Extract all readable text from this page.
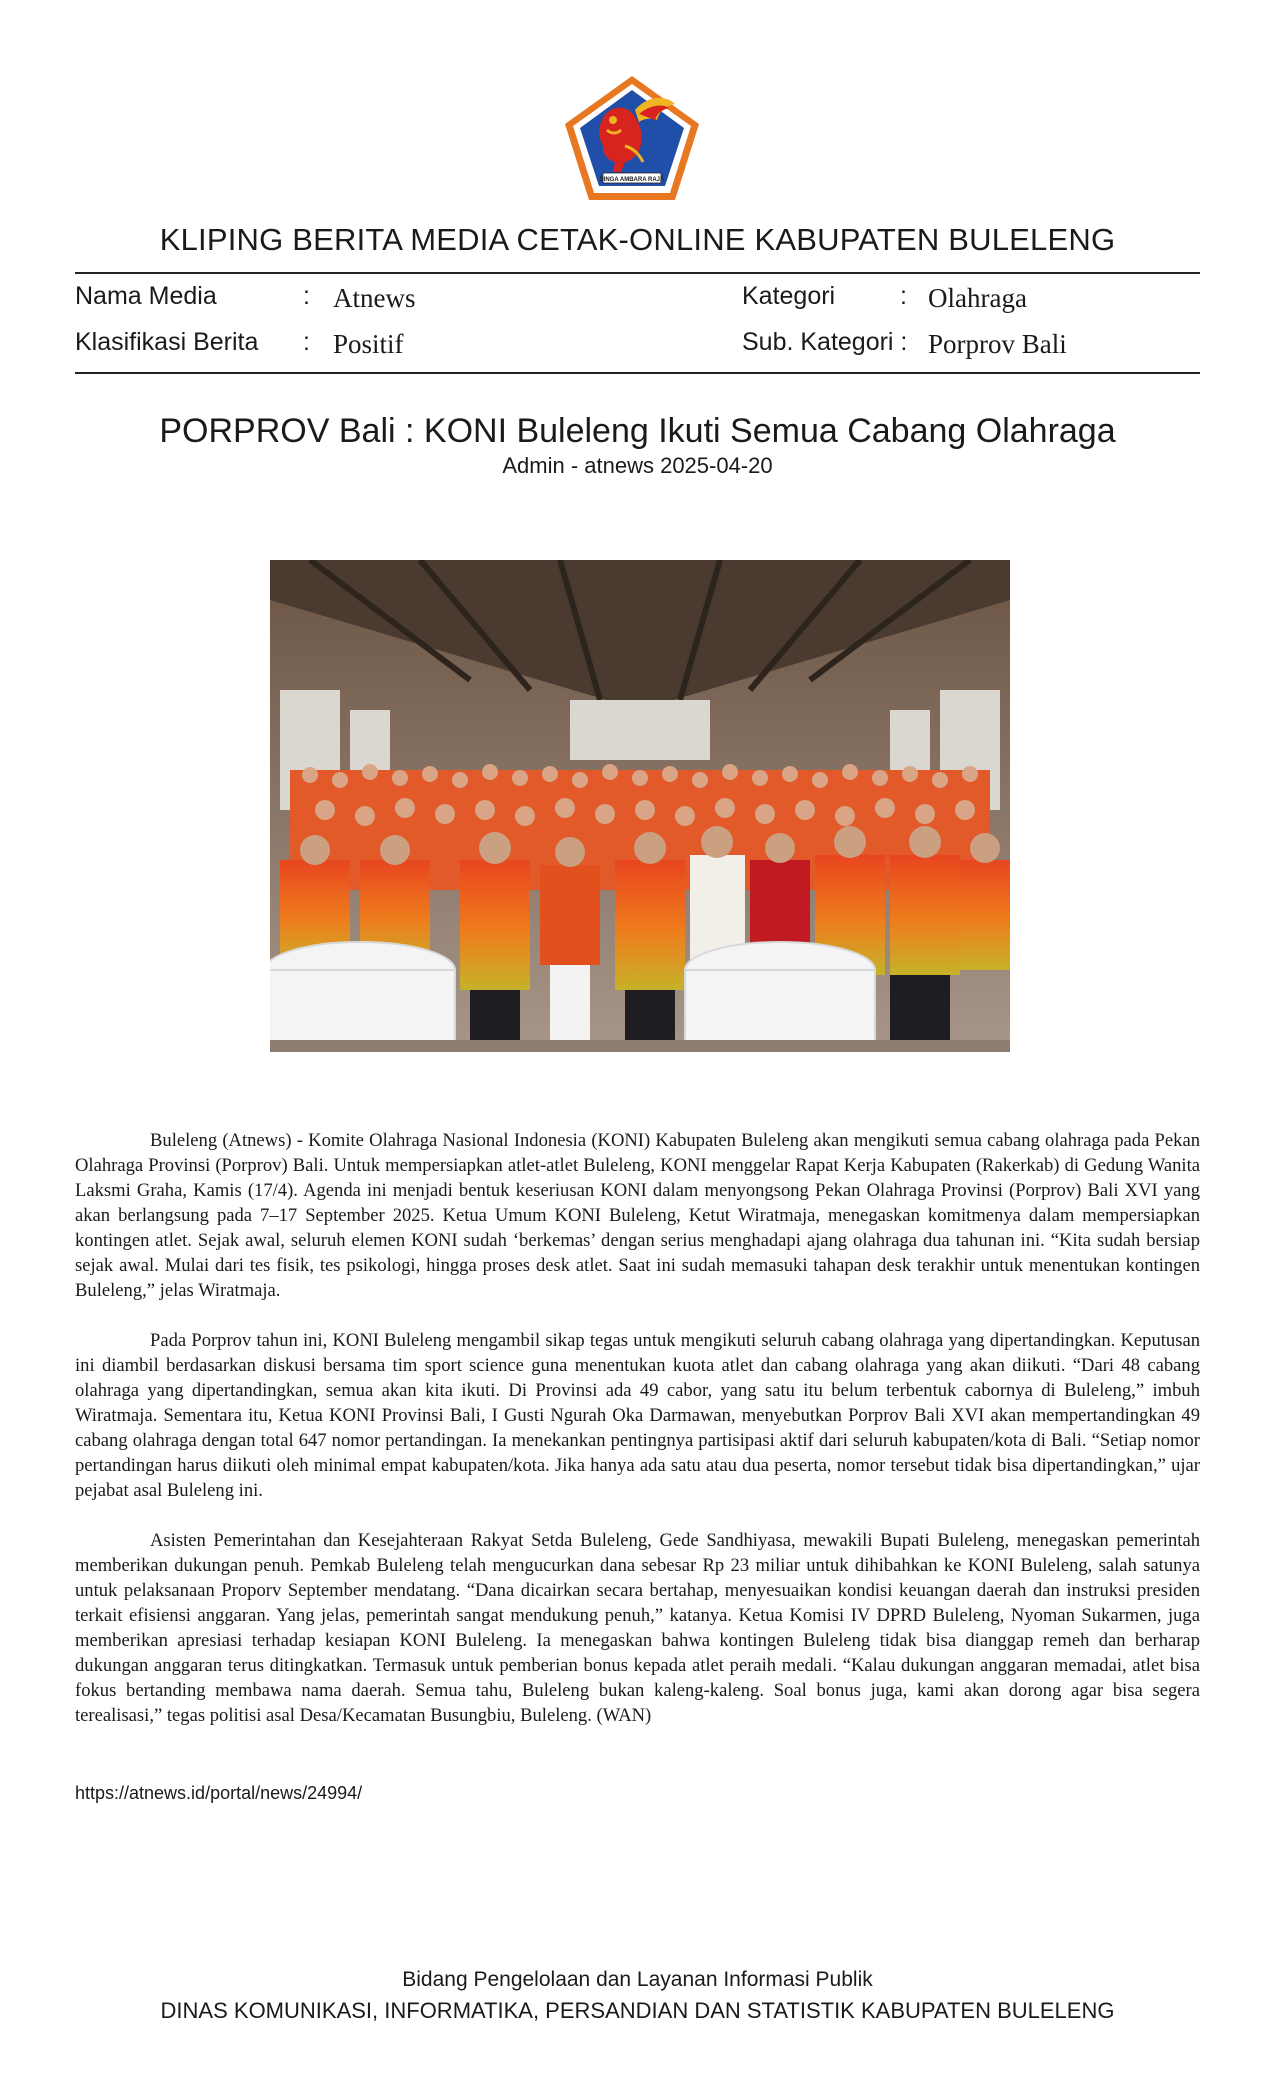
SINGA AMBARA RAJA
KLIPING BERITA MEDIA CETAK-ONLINE KABUPATEN BULELENG
Nama Media	: Atnews
Klasifikasi Berita : Positif
Kategori	: Olahraga
Sub. Kategori : Porprov Bali
PORPROV Bali : KONI Buleleng Ikuti Semua Cabang Olahraga
Admin - atnews 2025-04-20

Buleleng (Atnews) - Komite Olahraga Nasional Indonesia (KONI) Kabupaten Buleleng akan mengikuti semua cabang olahraga pada Pekan Olahraga Provinsi (Porprov) Bali. Untuk mempersiapkan atlet-atlet Buleleng, KONI menggelar Rapat Kerja Kabupaten (Rakerkab) di Gedung Wanita Laksmi Graha, Kamis (17/4). Agenda ini menjadi bentuk keseriusan KONI dalam menyongsong Pekan Olahraga Provinsi (Porprov) Bali XVI yang akan berlangsung pada 7–17 September 2025. Ketua Umum KONI Buleleng, Ketut Wiratmaja, menegaskan komitmenya dalam mempersiapkan kontingen atlet. Sejak awal, seluruh elemen KONI sudah ‘berkemas’ dengan serius menghadapi ajang olahraga dua tahunan ini. “Kita sudah bersiap sejak awal. Mulai dari tes fisik, tes psikologi, hingga proses desk atlet. Saat ini sudah memasuki tahapan desk terakhir untuk menentukan kontingen Buleleng,” jelas Wiratmaja.

Pada Porprov tahun ini, KONI Buleleng mengambil sikap tegas untuk mengikuti seluruh cabang olahraga yang dipertandingkan. Keputusan ini diambil berdasarkan diskusi bersama tim sport science guna menentukan kuota atlet dan cabang olahraga yang akan diikuti. “Dari 48 cabang olahraga yang dipertandingkan, semua akan kita ikuti. Di Provinsi ada 49 cabor, yang satu itu belum terbentuk cabornya di Buleleng,” imbuh Wiratmaja. Sementara itu, Ketua KONI Provinsi Bali, I Gusti Ngurah Oka Darmawan, menyebutkan Porprov Bali XVI akan mempertandingkan 49 cabang olahraga dengan total 647 nomor pertandingan. Ia menekankan pentingnya partisipasi aktif dari seluruh kabupaten/kota di Bali. “Setiap nomor pertandingan harus diikuti oleh minimal empat kabupaten/kota. Jika hanya ada satu atau dua peserta, nomor tersebut tidak bisa dipertandingkan,” ujar pejabat asal Buleleng ini.

Asisten Pemerintahan dan Kesejahteraan Rakyat Setda Buleleng, Gede Sandhiyasa, mewakili Bupati Buleleng, menegaskan pemerintah memberikan dukungan penuh. Pemkab Buleleng telah mengucurkan dana sebesar Rp 23 miliar untuk dihibahkan ke KONI Buleleng, salah satunya untuk pelaksanaan Proporv September mendatang. “Dana dicairkan secara bertahap, menyesuaikan kondisi keuangan daerah dan instruksi presiden terkait efisiensi anggaran. Yang jelas, pemerintah sangat mendukung penuh,” katanya. Ketua Komisi IV DPRD Buleleng, Nyoman Sukarmen, juga memberikan apresiasi terhadap kesiapan KONI Buleleng. Ia menegaskan bahwa kontingen Buleleng tidak bisa dianggap remeh dan berharap dukungan anggaran terus ditingkatkan. Termasuk untuk pemberian bonus kepada atlet peraih medali. “Kalau dukungan anggaran memadai, atlet bisa fokus bertanding membawa nama daerah. Semua tahu, Buleleng bukan kaleng-kaleng. Soal bonus juga, kami akan dorong agar bisa segera terealisasi,” tegas politisi asal Desa/Kecamatan Busungbiu, Buleleng. (WAN)

https://atnews.id/portal/news/24994/
Bidang Pengelolaan dan Layanan Informasi Publik
DINAS KOMUNIKASI, INFORMATIKA, PERSANDIAN DAN STATISTIK KABUPATEN BULELENG
